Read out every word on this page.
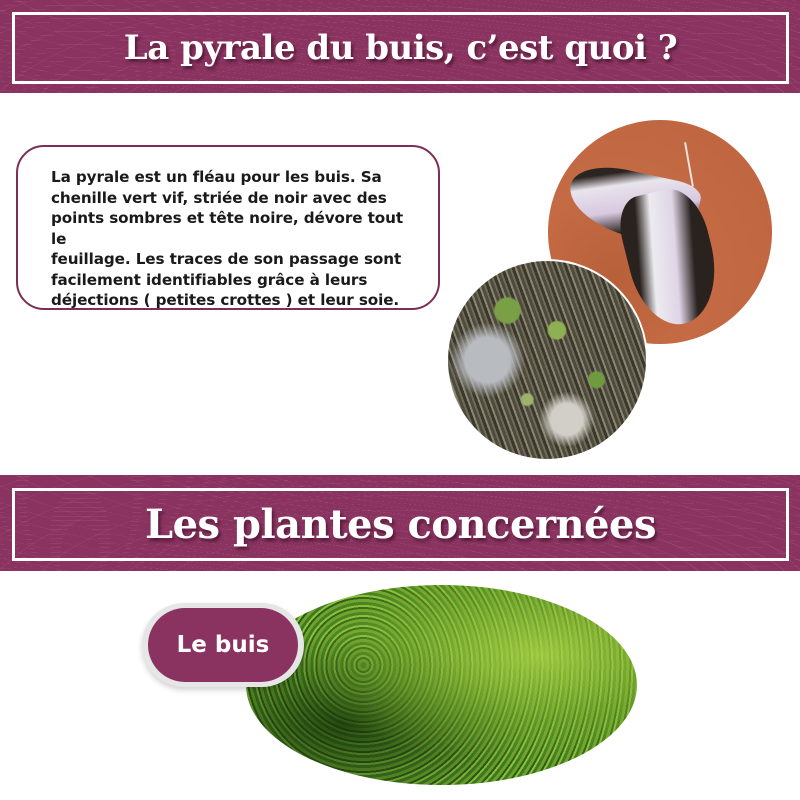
La pyrale du buis, c’est quoi ?

La pyrale est un fléau pour les buis. Sa

chenille vert vif, striée de noir avec des

points sombres et tête noire, dévore tout le

feuillage. Les traces de son passage sont

facilement identifiables grâce à leurs

déjections ( petites crottes ) et leur soie.

Les plantes concernées
Le buis
